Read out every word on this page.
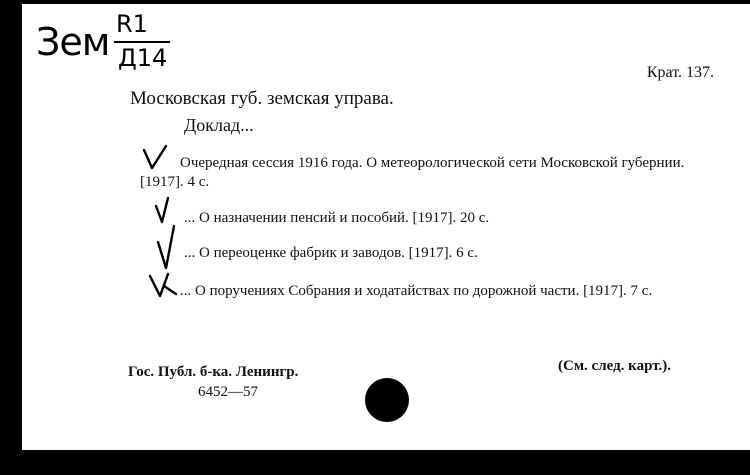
Зем R1
Д14
Крат. 137.
Московская губ. земская управа.
Доклад...
Очередная сессия 1916 года. О метеорологической сети Московской губернии. [1917]. 4 с.
... О назначении пенсий и пособий. [1917]. 20 с.
... О переоценке фабрик и заводов. [1917]. 6 с.
... О поручениях Собрания и ходатайствах по дорожной части. [1917]. 7 с.
Гос. Публ. б-ка. Ленингр.
6452—57
(См. след. карт.).
